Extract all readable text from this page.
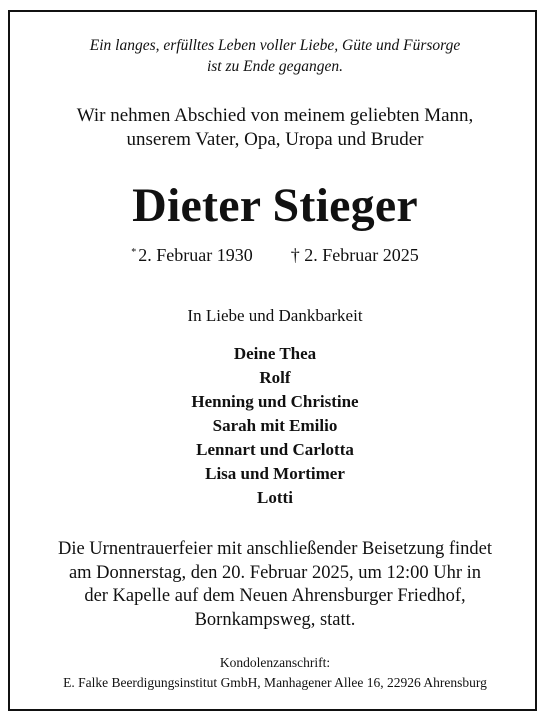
Ein langes, erfülltes Leben voller Liebe, Güte und Fürsorge
ist zu Ende gegangen.

Wir nehmen Abschied von meinem geliebten Mann,
unserem Vater, Opa, Uropa und Bruder

Dieter Stieger

* 2. Februar 1930 † 2. Februar 2025

In Liebe und Dankbarkeit

Deine Thea
Rolf
Henning und Christine
Sarah mit Emilio
Lennart und Carlotta
Lisa und Mortimer
Lotti
Die Urnentrauerfeier mit anschließender Beisetzung findet
am Donnerstag, den 20. Februar 2025, um 12:00 Uhr in
der Kapelle auf dem Neuen Ahrensburger Friedhof,
Bornkampsweg, statt.
Kondolenzanschrift:
E. Falke Beerdigungsinstitut GmbH, Manhagener Allee 16, 22926 Ahrensburg
